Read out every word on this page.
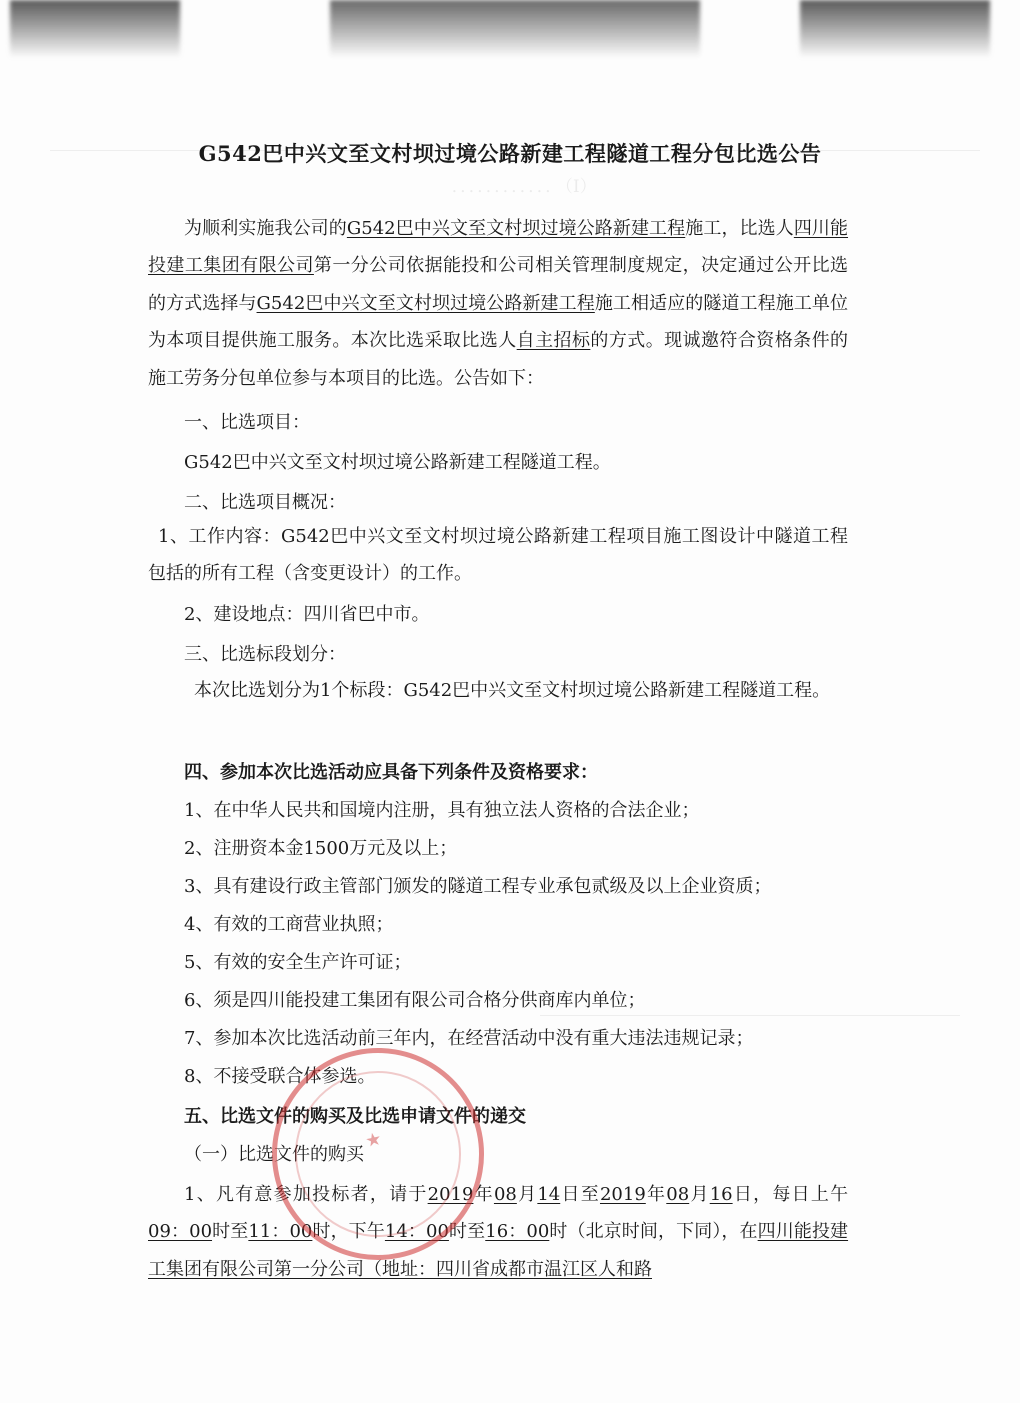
（Ⅰ） ．．．．．．．．．．．．
G542巴中兴文至文村坝过境公路新建工程隧道工程分包比选公告
为顺利实施我公司的G542巴中兴文至文村坝过境公路新建工程施工，比选人四川能投建工集团有限公司第一分公司依据能投和公司相关管理制度规定，决定通过公开比选的方式选择与G542巴中兴文至文村坝过境公路新建工程施工相适应的隧道工程施工单位为本项目提供施工服务。本次比选采取比选人自主招标的方式。现诚邀符合资格条件的施工劳务分包单位参与本项目的比选。公告如下：
一、比选项目：
G542巴中兴文至文村坝过境公路新建工程隧道工程。
二、比选项目概况：
1、工作内容：G542巴中兴文至文村坝过境公路新建工程项目施工图设计中隧道工程包括的所有工程（含变更设计）的工作。
2、建设地点：四川省巴中市。
三、比选标段划分：
本次比选划分为1个标段：G542巴中兴文至文村坝过境公路新建工程隧道工程。
四、参加本次比选活动应具备下列条件及资格要求：
1、在中华人民共和国境内注册，具有独立法人资格的合法企业；
2、注册资本金1500万元及以上；
3、具有建设行政主管部门颁发的隧道工程专业承包贰级及以上企业资质；
4、有效的工商营业执照；
5、有效的安全生产许可证；
6、须是四川能投建工集团有限公司合格分供商库内单位；
7、参加本次比选活动前三年内，在经营活动中没有重大违法违规记录；
8、不接受联合体参选。
五、比选文件的购买及比选申请文件的递交
（一）比选文件的购买
1、凡有意参加投标者，请于2019年08月14日至2019年08月16日，每日上午09：00时至11：00时，下午14：00时至16：00时（北京时间，下同），在四川能投建工集团有限公司第一分公司（地址：四川省成都市温江区人和路
★
